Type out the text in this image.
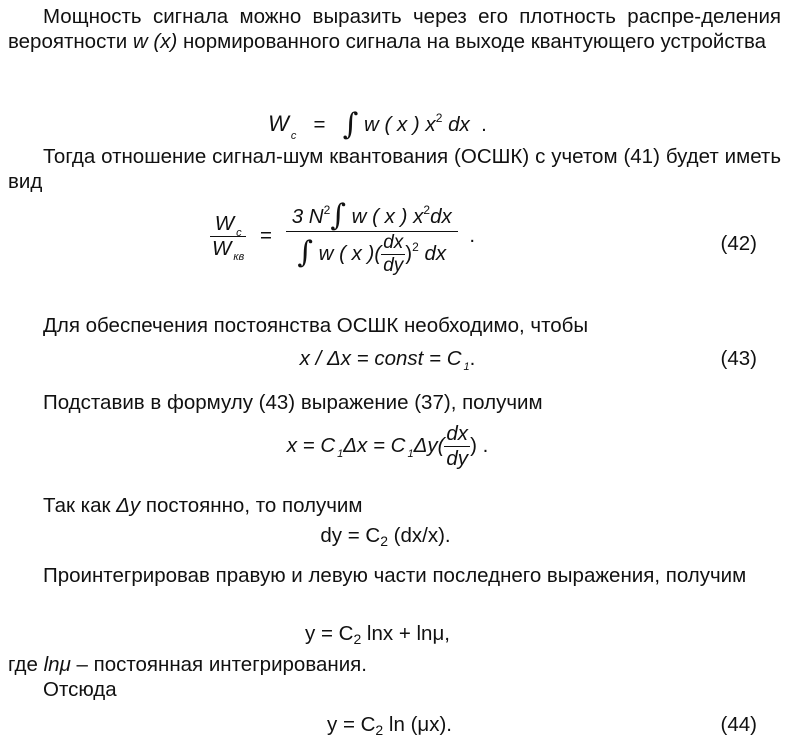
Мощность сигнала можно выразить через его плотность распре-деления вероятности w (x) нормированного сигнала на выходе квантующего устройства

W $_c$ = ∫ w ( x ) $x^2$ dx .

Тогда отношение сигнал-шум квантования (ОСШК) с учетом (41) будет иметь вид

$\frac{W _c}{W _{кв}} = \frac{3 N^2\int w ( x ) x^2dx}{\int w ( x )( \frac{dx}{dy} )^2 dx}$ .	(42)

Для обеспечения постоянства ОСШК необходимо, чтобы

x / Δx = const = C $_1$.	(43)

Подставив в формулу (43) выражение (37), получим

x = C $_1$Δx = C $_1\Delta y( \frac{dx}{dy}$ ) .

Так как Δy постоянно, то получим

dy = C2 (dx/x).

Проинтегрировав правую и левую части последнего выражения, получим

y = C2 lnx + lnμ,

где lnμ – постоянная интегрирования.

Отсюда

y = C2 ln (μx).	(44)
